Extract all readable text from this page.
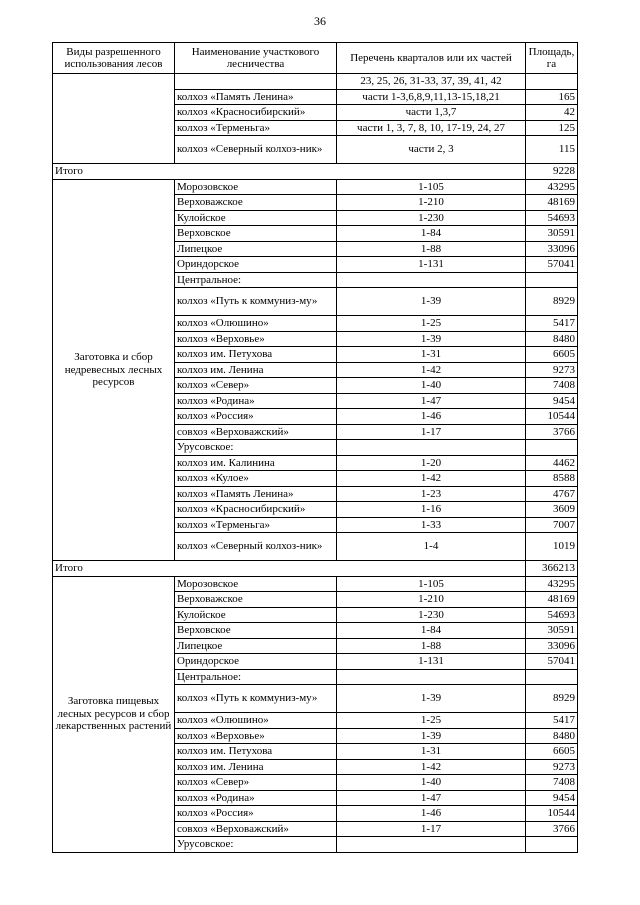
36
Виды разрешенного использования лесов	Наименование участкового лесничества	Перечень кварталов или их частей	Площадь, га
		23, 25, 26, 31-33, 37, 39, 41, 42	
	колхоз «Память Ленина»	части 1-3,6,8,9,11,13-15,18,21	165
	колхоз «Красносибирский»	части 1,3,7	42
	колхоз «Терменьга»	части 1, 3, 7, 8, 10, 17-19, 24, 27	125
	колхоз «Северный колхоз-ник»	части 2, 3	115
Итого			9228
Заготовка и сбор недревесных лесных ресурсов	Морозовское	1-105	43295
	Верховажское	1-210	48169
	Кулойское	1-230	54693
	Верховское	1-84	30591
	Липецкое	1-88	33096
	Ориндорское	1-131	57041
	Центральное:		
	колхоз «Путь к коммуниз-му»	1-39	8929
	колхоз «Олюшино»	1-25	5417
	колхоз «Верховье»	1-39	8480
	колхоз им. Петухова	1-31	6605
	колхоз им. Ленина	1-42	9273
	колхоз «Север»	1-40	7408
	колхоз «Родина»	1-47	9454
	колхоз «Россия»	1-46	10544
	совхоз «Верховажский»	1-17	3766
	Урусовское:		
	колхоз им. Калинина	1-20	4462
	колхоз «Кулое»	1-42	8588
	колхоз «Память Ленина»	1-23	4767
	колхоз «Красносибирский»	1-16	3609
	колхоз «Терменьга»	1-33	7007
	колхоз «Северный колхоз-ник»	1-4	1019
Итого			366213
Заготовка пищевых лесных ресурсов и сбор лекарственных растений	Морозовское	1-105	43295
	Верховажское	1-210	48169
	Кулойское	1-230	54693
	Верховское	1-84	30591
	Липецкое	1-88	33096
	Ориндорское	1-131	57041
	Центральное:		
	колхоз «Путь к коммуниз-му»	1-39	8929
	колхоз «Олюшино»	1-25	5417
	колхоз «Верховье»	1-39	8480
	колхоз им. Петухова	1-31	6605
	колхоз им. Ленина	1-42	9273
	колхоз «Север»	1-40	7408
	колхоз «Родина»	1-47	9454
	колхоз «Россия»	1-46	10544
	совхоз «Верховажский»	1-17	3766
	Урусовское:		
